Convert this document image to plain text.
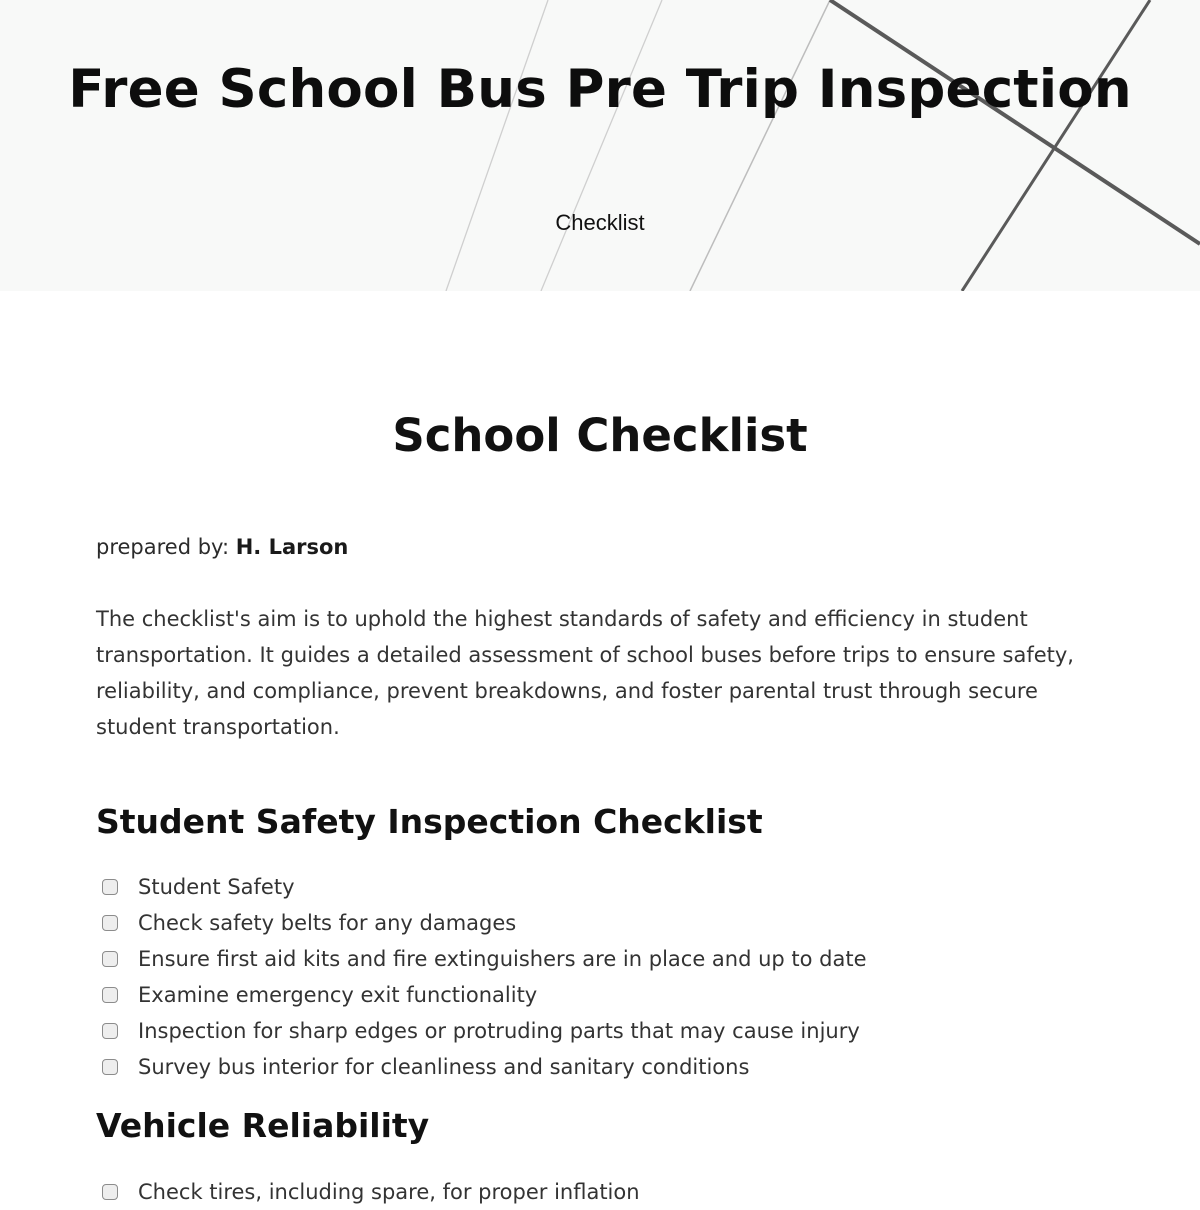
Free School Bus Pre Trip Inspection
Checklist
School Checklist
prepared by: H. Larson

The checklist's aim is to uphold the highest standards of safety and efficiency in student transportation. It guides a detailed assessment of school buses before trips to ensure safety, reliability, and compliance, prevent breakdowns, and foster parental trust through secure student transportation.

Student Safety Inspection Checklist
Student Safety
Check safety belts for any damages
Ensure first aid kits and fire extinguishers are in place and up to date
Examine emergency exit functionality
Inspection for sharp edges or protruding parts that may cause injury
Survey bus interior for cleanliness and sanitary conditions
Vehicle Reliability
Check tires, including spare, for proper inflation
